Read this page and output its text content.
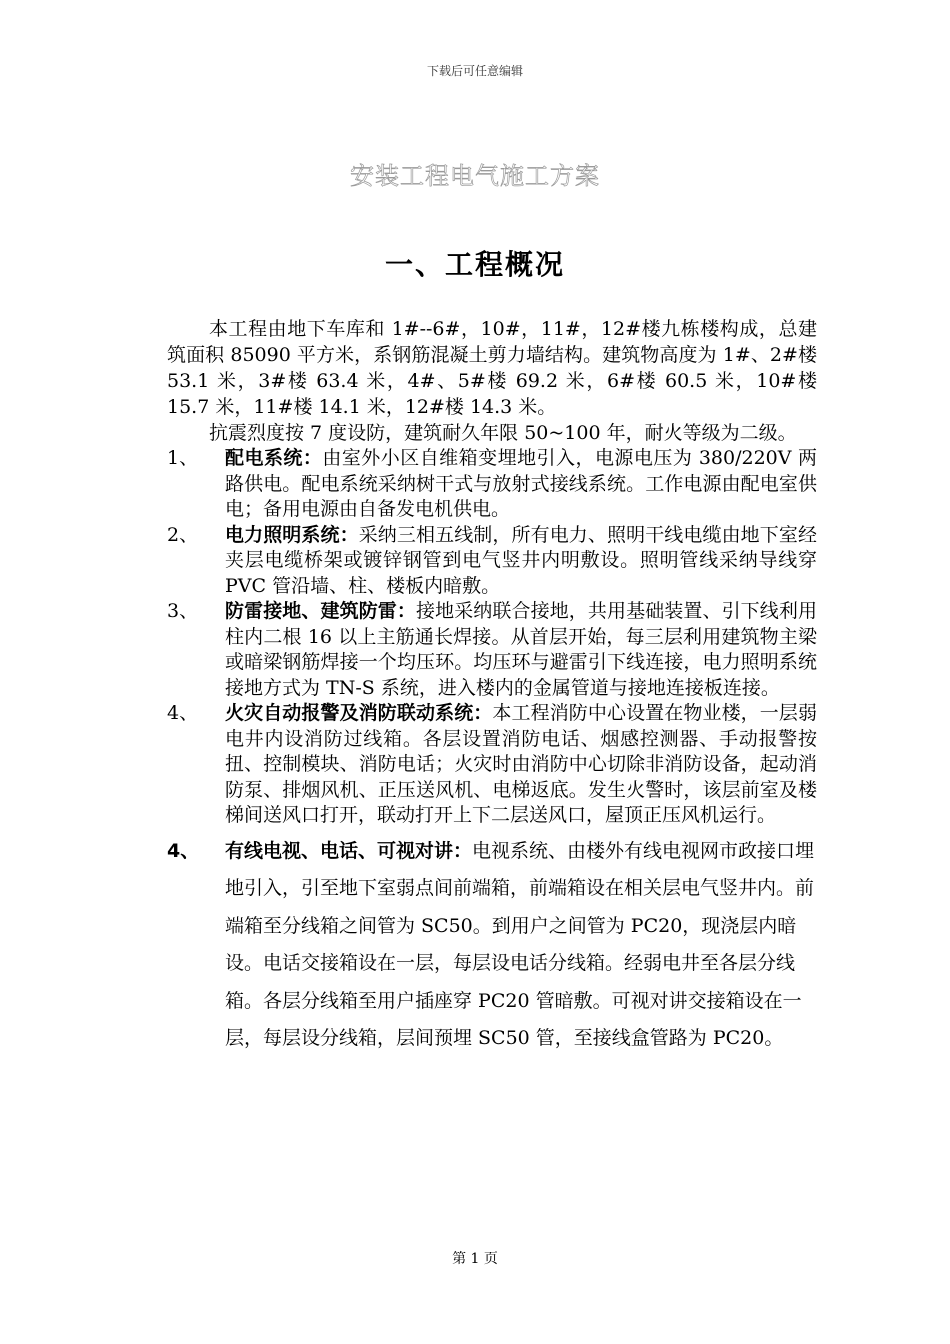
下载后可任意编辑
安装工程电气施工方案
一、工程概况

本工程由地下车库和 1#--6#，10#，11#，12#楼九栋楼构成，总建筑面积 85090 平方米，系钢筋混凝土剪力墙结构。建筑物高度为 1#、2#楼 53.1 米，3#楼 63.4 米，4#、5#楼 69.2 米，6#楼 60.5 米，10#楼 15.7 米，11#楼 14.1 米，12#楼 14.3 米。

抗震烈度按 7 度设防，建筑耐久年限 50~100 年，耐火等级为二级。

1、	配电系统：由室外小区自维箱变埋地引入，电源电压为 380/220V 两路供电。配电系统采纳树干式与放射式接线系统。工作电源由配电室供电；备用电源由自备发电机供电。

2、	电力照明系统：采纳三相五线制，所有电力、照明干线电缆由地下室经夹层电缆桥架或镀锌钢管到电气竖井内明敷设。照明管线采纳导线穿 PVC 管沿墙、柱、楼板内暗敷。

3、	防雷接地、建筑防雷：接地采纳联合接地，共用基础装置、引下线利用柱内二根 16 以上主筋通长焊接。从首层开始，每三层利用建筑物主梁或暗梁钢筋焊接一个均压环。均压环与避雷引下线连接，电力照明系统接地方式为 TN-S 系统，进入楼内的金属管道与接地连接板连接。

4、	火灾自动报警及消防联动系统：本工程消防中心设置在物业楼，一层弱电井内设消防过线箱。各层设置消防电话、烟感控测器、手动报警按扭、控制模块、消防电话；火灾时由消防中心切除非消防设备，起动消防泵、排烟风机、正压送风机、电梯返底。发生火警时，该层前室及楼梯间送风口打开，联动打开上下二层送风口，屋顶正压风机运行。

4、	有线电视、电话、可视对讲：电视系统、由楼外有线电视网市政接口埋地引入，引至地下室弱点间前端箱，前端箱设在相关层电气竖井内。前端箱至分线箱之间管为 SC50。到用户之间管为 PC20，现浇层内暗设。电话交接箱设在一层，每层设电话分线箱。经弱电井至各层分线箱。各层分线箱至用户插座穿 PC20 管暗敷。可视对讲交接箱设在一层，每层设分线箱，层间预埋 SC50 管，至接线盒管路为 PC20。

第 1 页
